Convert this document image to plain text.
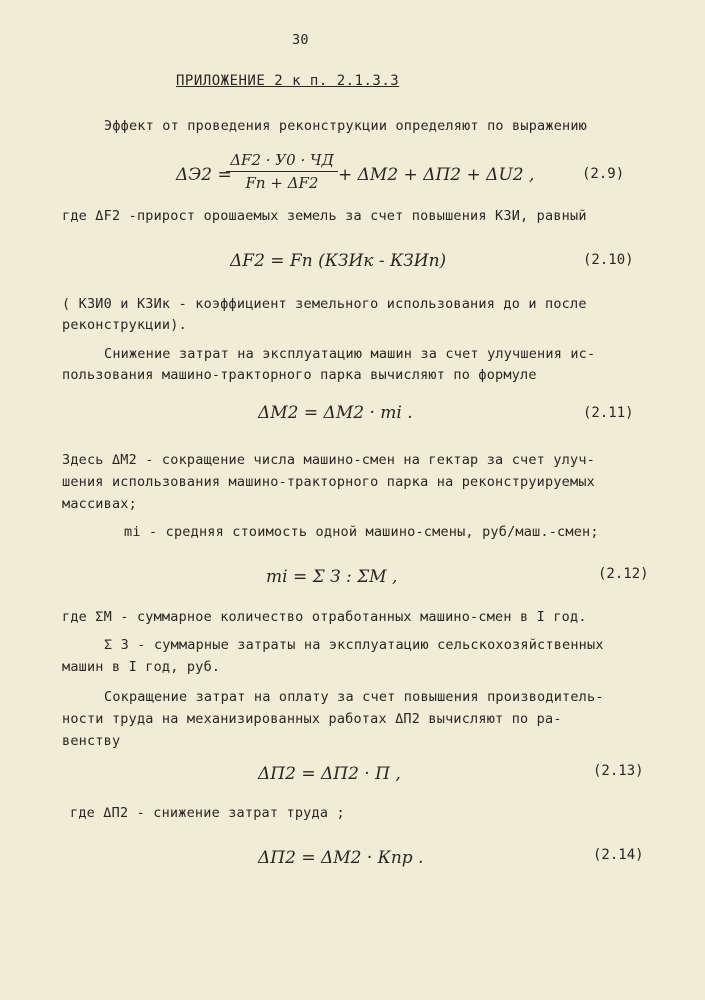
30
ПРИЛОЖЕНИЕ 2 к п. 2.1.3.3
Эффект от проведения реконструкции определяют по выражению
ΔЭ2 =
ΔF2 · У0 · ЧД
Fп + ΔF2	+ ΔМ2 + ΔП2 + ΔU2 ,	(2.9)
где ΔF2 -прирост орошаемых земель за счет повышения КЗИ, равный
ΔF2 = Fп (КЗИк - КЗИп)	(2.10)
( КЗИ0 и КЗИк - коэффициент земельного использования до и после
реконструкции).
Снижение затрат на эксплуатацию машин за счет улучшения ис-
пользования машино-тракторного парка вычисляют по формуле
ΔМ2 = ΔМ2 · mi .	(2.11)
Здесь ΔМ2 - сокращение числа машино-смен на гектар за счет улуч-
шения использования машино-тракторного парка на реконструируемых
массивах;
mi - средняя стоимость одной машино-смены, руб/маш.-смен;
mi = Σ З : ΣМ ,	(2.12)
где ΣМ - суммарное количество отработанных машино-смен в I год.
Σ З - суммарные затраты на эксплуатацию сельскохозяйственных
машин в I год, руб.
Сокращение затрат на оплату за счет повышения производитель-
ности труда на механизированных работах ΔП2 вычисляют по ра-
венству
ΔП2 = ΔП2 · П ,	(2.13)
где ΔП2 - снижение затрат труда ;
ΔП2 = ΔМ2 · Кпр .	(2.14)
